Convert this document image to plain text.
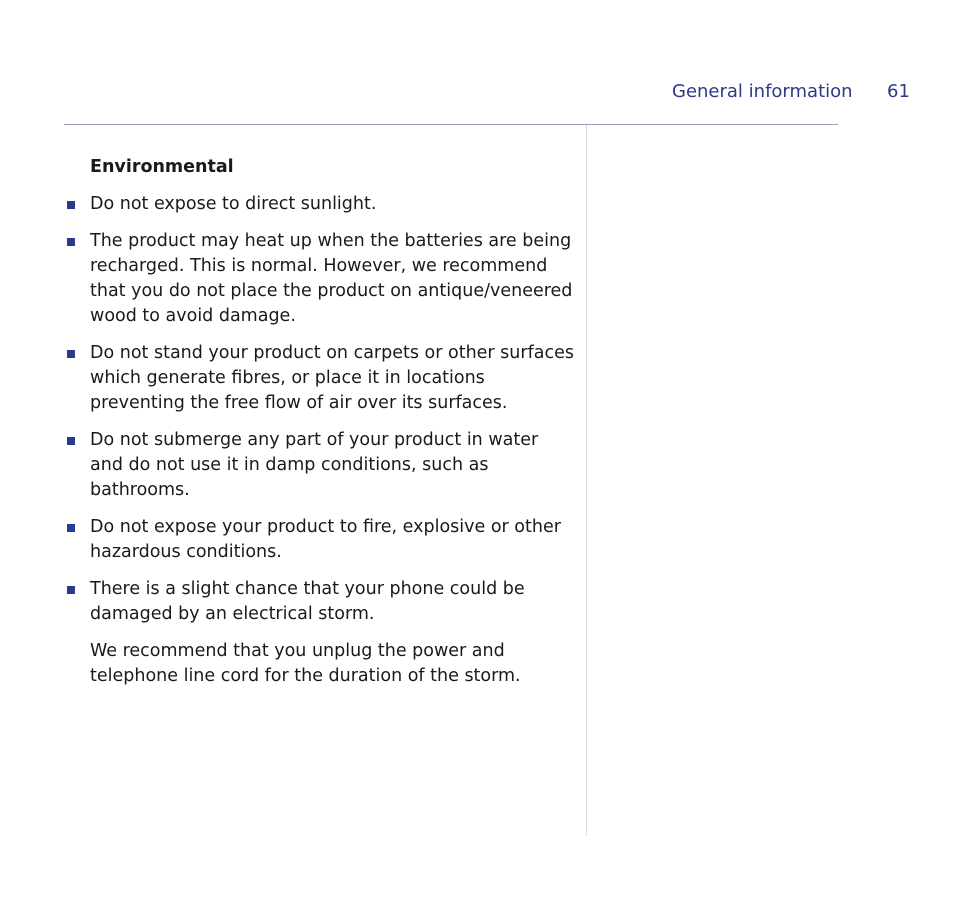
General information 61
Environmental
Do not expose to direct sunlight.
The product may heat up when the batteries are being recharged. This is normal. However, we recommend that you do not place the product on antique/veneered wood to avoid damage.
Do not stand your product on carpets or other surfaces which generate fibres, or place it in locations preventing the free flow of air over its surfaces.
Do not submerge any part of your product in water and do not use it in damp conditions, such as bathrooms.
Do not expose your product to fire, explosive or other hazardous conditions.
There is a slight chance that your phone could be damaged by an electrical storm.

We recommend that you unplug the power and telephone line cord for the duration of the storm.
